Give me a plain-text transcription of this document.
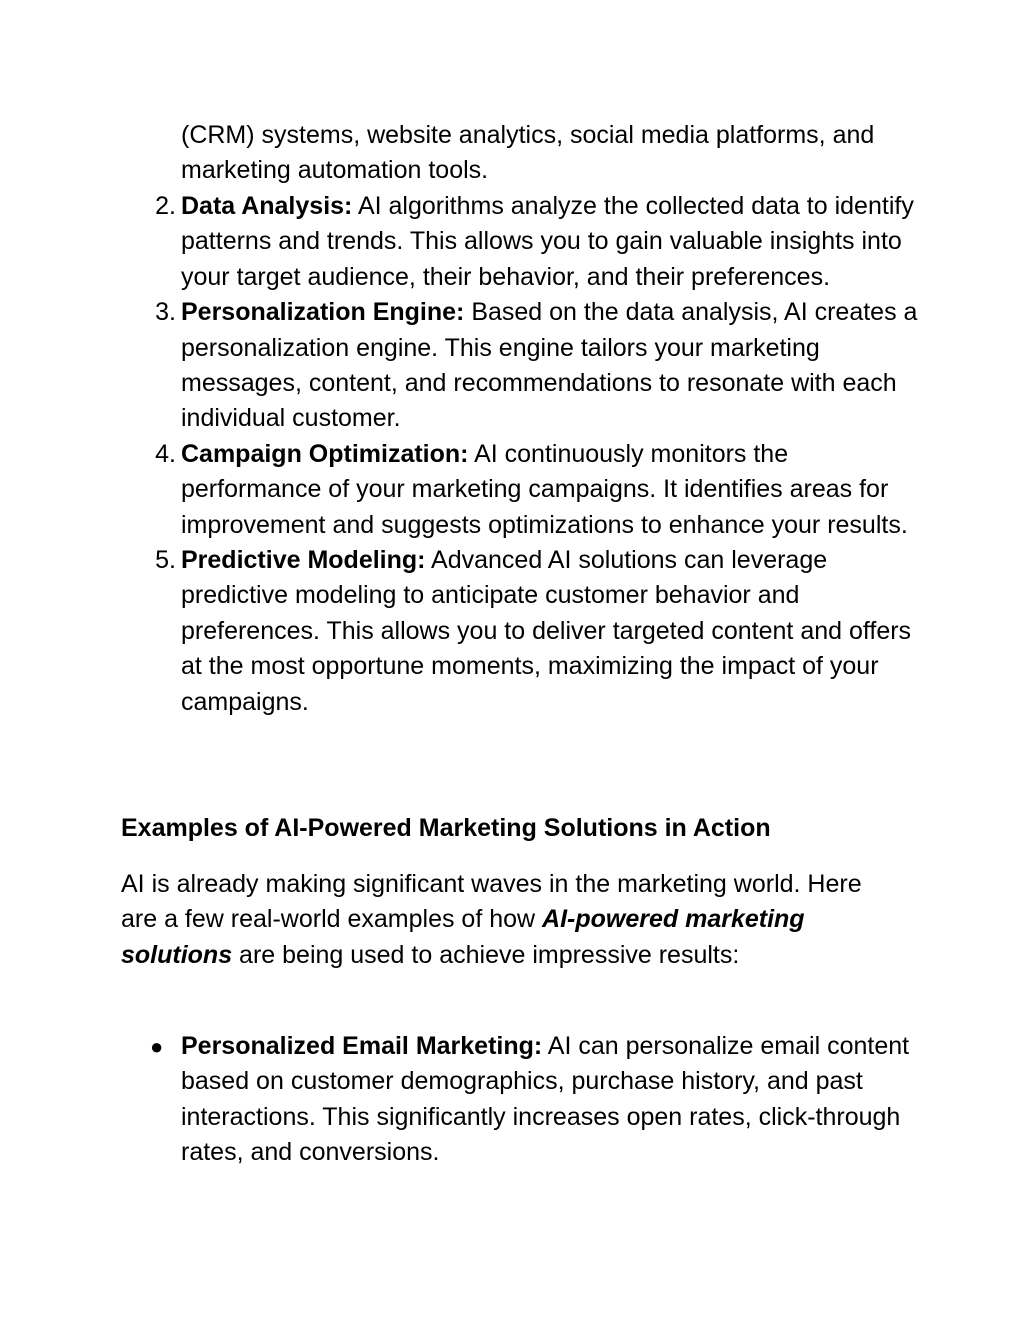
(CRM) systems, website analytics, social media platforms, and marketing automation tools.
2. Data Analysis: AI algorithms analyze the collected data to identify patterns and trends. This allows you to gain valuable insights into your target audience, their behavior, and their preferences.
3. Personalization Engine: Based on the data analysis, AI creates a personalization engine. This engine tailors your marketing messages, content, and recommendations to resonate with each individual customer.
4. Campaign Optimization: AI continuously monitors the performance of your marketing campaigns. It identifies areas for improvement and suggests optimizations to enhance your results.
5. Predictive Modeling: Advanced AI solutions can leverage predictive modeling to anticipate customer behavior and preferences. This allows you to deliver targeted content and offers at the most opportune moments, maximizing the impact of your campaigns.
Examples of AI-Powered Marketing Solutions in Action
AI is already making significant waves in the marketing world. Here are a few real-world examples of how AI-powered marketing solutions are being used to achieve impressive results:
● Personalized Email Marketing: AI can personalize email content based on customer demographics, purchase history, and past interactions. This significantly increases open rates, click-through rates, and conversions.
